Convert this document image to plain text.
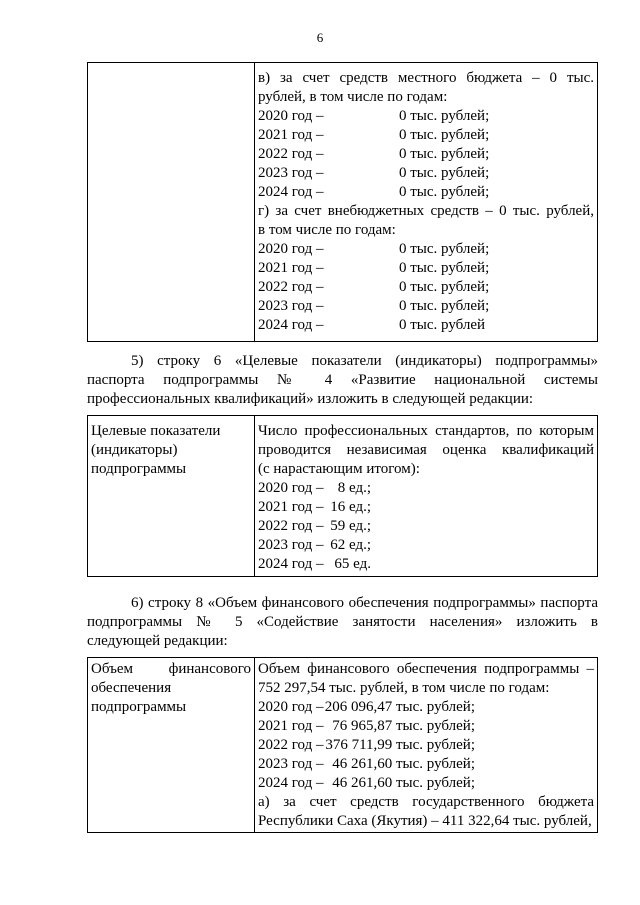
6

в) за счет средств местного бюджета – 0 тыс.
рублей, в том числе по годам:
2020 год –	0 тыс. рублей;
2021 год –	0 тыс. рублей;
2022 год –	0 тыс. рублей;
2023 год –	0 тыс. рублей;
2024 год –	0 тыс. рублей;
г) за счет внебюджетных средств – 0 тыс. рублей,
в том числе по годам:
2020 год –	0 тыс. рублей;
2021 год –	0 тыс. рублей;
2022 год –	0 тыс. рублей;
2023 год –	0 тыс. рублей;
2024 год –	0 тыс. рублей
5) строку 6 «Целевые показатели (индикаторы) подпрограммы»
паспорта подпрограммы № 4 «Развитие национальной системы
профессиональных квалификаций» изложить в следующей редакции:
Целевые показатели
(индикаторы)
подпрограммы

Число профессиональных стандартов, по которым
проводится независимая оценка квалификаций
(с нарастающим итогом):
2020 год – 8 ед.;
2021 год – 16 ед.;
2022 год – 59 ед.;
2023 год – 62 ед.;
2024 год – 65 ед.
6) строку 8 «Объем финансового обеспечения подпрограммы» паспорта
подпрограммы № 5 «Содействие занятости населения» изложить в
следующей редакции:
Объем финансового
обеспечения
подпрограммы

Объем финансового обеспечения подпрограммы –
752 297,54 тыс. рублей, в том числе по годам:
2020 год –206 096,47 тыс. рублей;
2021 год – 76 965,87 тыс. рублей;
2022 год – 376 711,99 тыс. рублей;
2023 год – 46 261,60 тыс. рублей;
2024 год – 46 261,60 тыс. рублей;
а) за счет средств государственного бюджета
Республики Саха (Якутия) – 411 322,64 тыс. рублей,
